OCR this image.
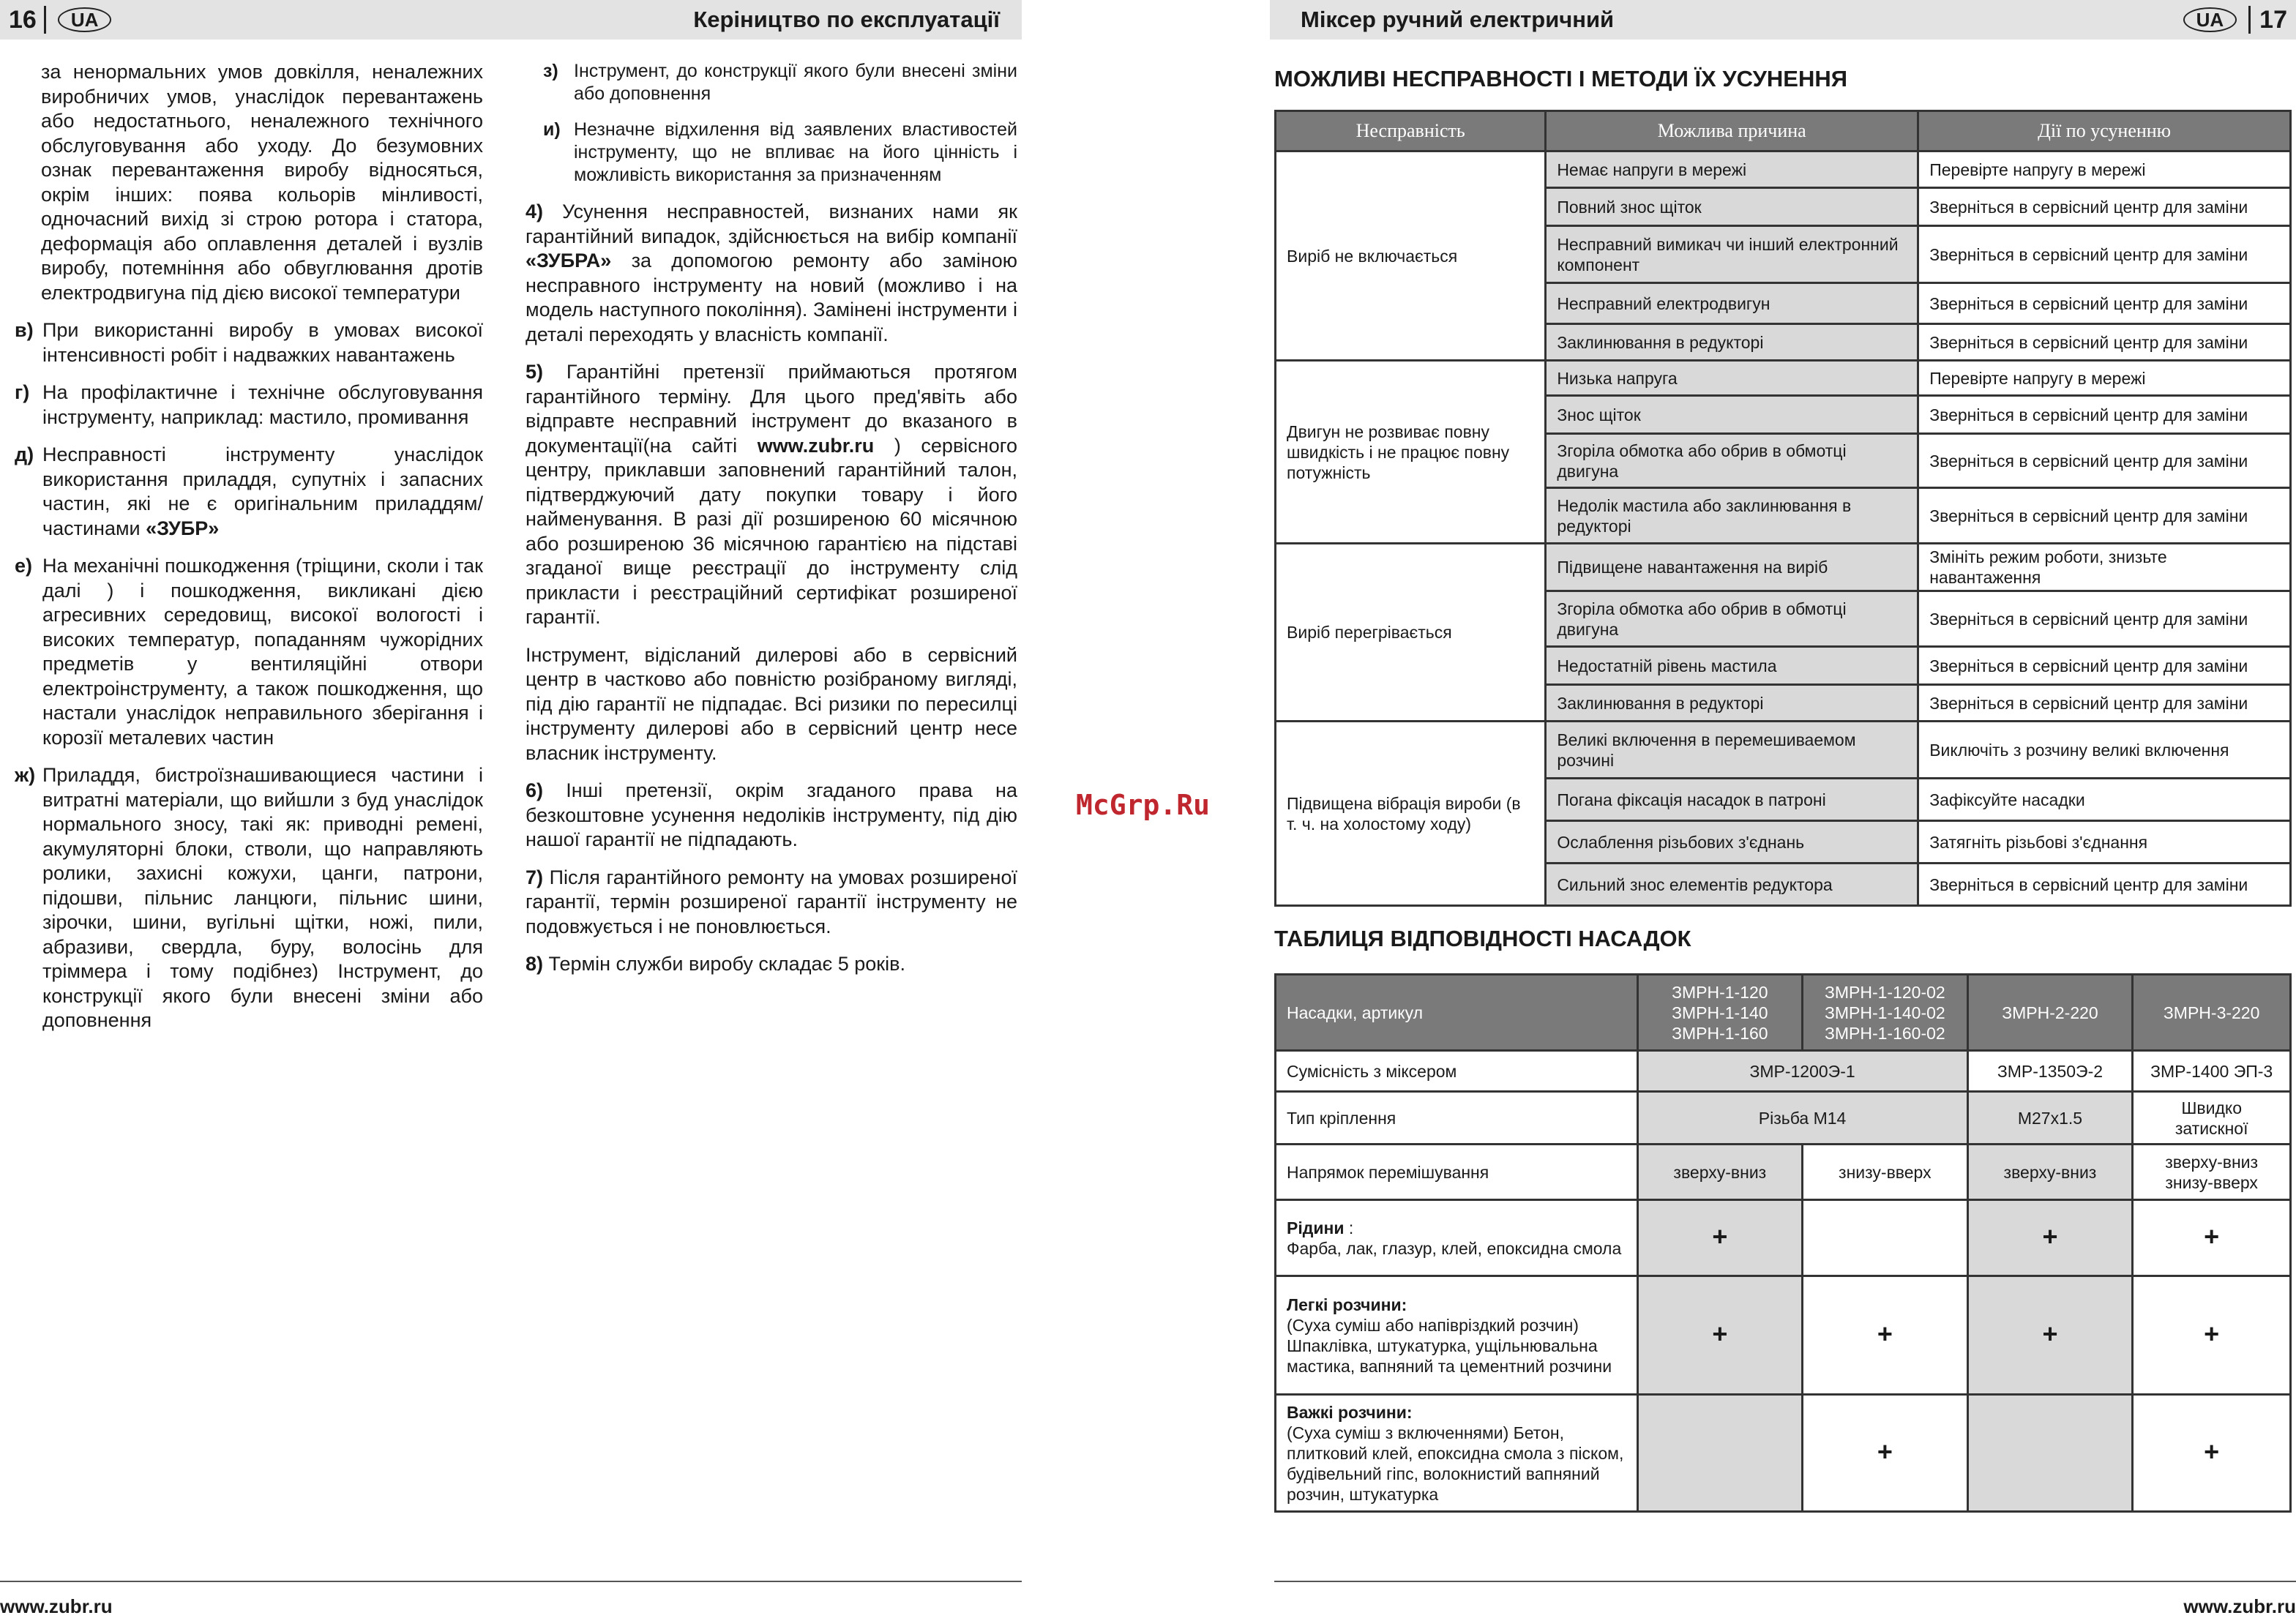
16	UA	Керіництво по експлуатації

за ненормальних умов довкілля, неналежних виробничих умов, унаслідок перевантажень або недостатнього, неналежного технічного обслуговування або уходу. До безумовних ознак перевантаження виробу відносяться, окрім інших: поява кольорів мінливості, одночасний вихід зі строю ротора і статора, деформація або оплавлення деталей і вузлів виробу, потемніння або обвуглювання дротів електродвигуна під дією високої температури

в) При використанні виробу в умовах високої інтенсивності робіт і надважких навантажень
г) На профілактичне і технічне обслуговування інструменту, наприклад: мастило, промивання
д) Несправності інструменту унаслідок використання приладдя, супутніх і запасних частин, які не є оригінальним приладдям/частинами «ЗУБР»
е) На механічні пошкодження (тріщини, сколи і так далі ) і пошкодження, викликані дією агресивних середовищ, високої вологості і високих температур, попаданням чужорідних предметів у вентиляційні отвори електроінструменту, а також пошкодження, що настали унаслідок неправильного зберігання і корозії металевих частин
ж) Приладдя, бистроїзнашивающиеся частини і витратні матеріали, що вийшли з буд унаслідок нормального зносу, такі як: приводні ремені, акумуляторні блоки, стволи, що направляють ролики, захисні кожухи, цанги, патрони, підошви, пільнис ланцюги, пільнис шини, зірочки, шини, вугільні щітки, ножі, пили, абразиви, свердла, буру, волосінь для тріммера і тому подібнез) Інструмент, до конструкції якого були внесені зміни або доповнення
з) Інструмент, до конструкції якого були внесені зміни або доповнення
и) Незначне відхилення від заявлених властивостей інструменту, що не впливає на його цінність і можливість використання за призначенням

4) Усунення несправностей, визнаних нами як гарантійний випадок, здійснюється на вибір компанії «ЗУБРА» за допомогою ремонту або заміною несправного інструменту на новий (можливо і на модель наступного покоління). Замінені інструменти і деталі переходять у власність компанії.

5) Гарантійні претензії приймаються протягом гарантійного терміну. Для цього пред'явіть або відправте несправний інструмент до вказаного в документації(на сайті www.zubr.ru ) сервісного центру, приклавши заповнений гарантійний талон, підтверджуючий дату покупки товару і його найменування. В разі дії розширеною 60 місячною або розширеною 36 місячною гарантією на підставі згаданої вище реєстрації до інструменту слід прикласти і реєстраційний сертифікат розширеної гарантії.

Інструмент, відісланий дилерові або в сервісний центр в частково або повністю розібраному вигляді, під дію гарантії не підпадає. Всі ризики по пересилці інструменту дилерові або в сервісний центр несе власник інструменту.

6) Інші претензії, окрім згаданого права на безкоштовне усунення недоліків інструменту, під дію нашої гарантії не підпадають.

7) Після гарантійного ремонту на умовах розширеної гарантії, термін розширеної гарантії інструменту не подовжується і не поновлюється.

8) Термін служби виробу складає 5 років.

www.zubr.ru
McGrp.Ru
Міксер ручний електричний	UA	17
МОЖЛИВІ НЕСПРАВНОСТІ І МЕТОДИ ЇХ УСУНЕННЯ
Несправність	Можлива причина	Дії по усуненню
Виріб не включається	Немає напруги в мережі	Перевірте напругу в мережі
	Повний знос щіток	Зверніться в сервісний центр для заміни
	Несправний вимикач чи інший електронний компонент	Зверніться в сервісний центр для заміни
	Несправний електродвигун	Зверніться в сервісний центр для заміни
	Заклинювання в редукторі	Зверніться в сервісний центр для заміни
Двигун не розвиває повну швидкість і не працює повну потужність	Низька напруга	Перевірте напругу в мережі
	Знос щіток	Зверніться в сервісний центр для заміни
	Згоріла обмотка або обрив в обмотці двигуна	Зверніться в сервісний центр для заміни
	Недолік мастила або заклинювання в редукторі	Зверніться в сервісний центр для заміни
Виріб перегрівається	Підвищене навантаження на виріб	Змініть режим роботи, знизьте навантаження
	Згоріла обмотка або обрив в обмотці двигуна	Зверніться в сервісний центр для заміни
	Недостатній рівень мастила	Зверніться в сервісний центр для заміни
	Заклинювання в редукторі	Зверніться в сервісний центр для заміни
Підвищена вібрація вироби (в т. ч. на холостому ходу)	Великі включення в перемешиваемом розчині	Виключіть з розчину великі включення
	Погана фіксація насадок в патроні	Зафіксуйте насадки
	Ослаблення різьбових з'єднань	Затягніть різьбові з'єднання
	Сильний знос елементів редуктора	Зверніться в сервісний центр для заміни
ТАБЛИЦЯ ВІДПОВІДНОСТІ НАСАДОК
Насадки, артикул	ЗМРН-1-120
ЗМРН-1-140
ЗМРН-1-160	ЗМРН-1-120-02
ЗМРН-1-140-02
ЗМРН-1-160-02	ЗМРН-2-220	ЗМРН-3-220
Сумісність з міксером	ЗМР-1200Э-1		ЗМР-1350Э-2	ЗМР-1400 ЭП-3
Тип кріплення	Різьба М14		М27х1.5	Швидко затискної
Напрямок перемішування	зверху-вниз	знизу-вверх	зверху-вниз	зверху-вниз
знизу-вверх
Рідини :
Фарба, лак, глазур, клей, епоксидна смола	+		+	+
Легкі розчини:
(Суха суміш або напівріздкий розчин) Шпаклівка, штукатурка, ущільнювальна мастика, вапняний та цементний розчини	+	+	+	+
Важкі розчини:
(Суха суміш з включеннями) Бетон, плитковий клей, епоксидна смола з піском, будівельний гіпс, волокнистий вапняний розчин, штукатурка		+		+
www.zubr.ru
